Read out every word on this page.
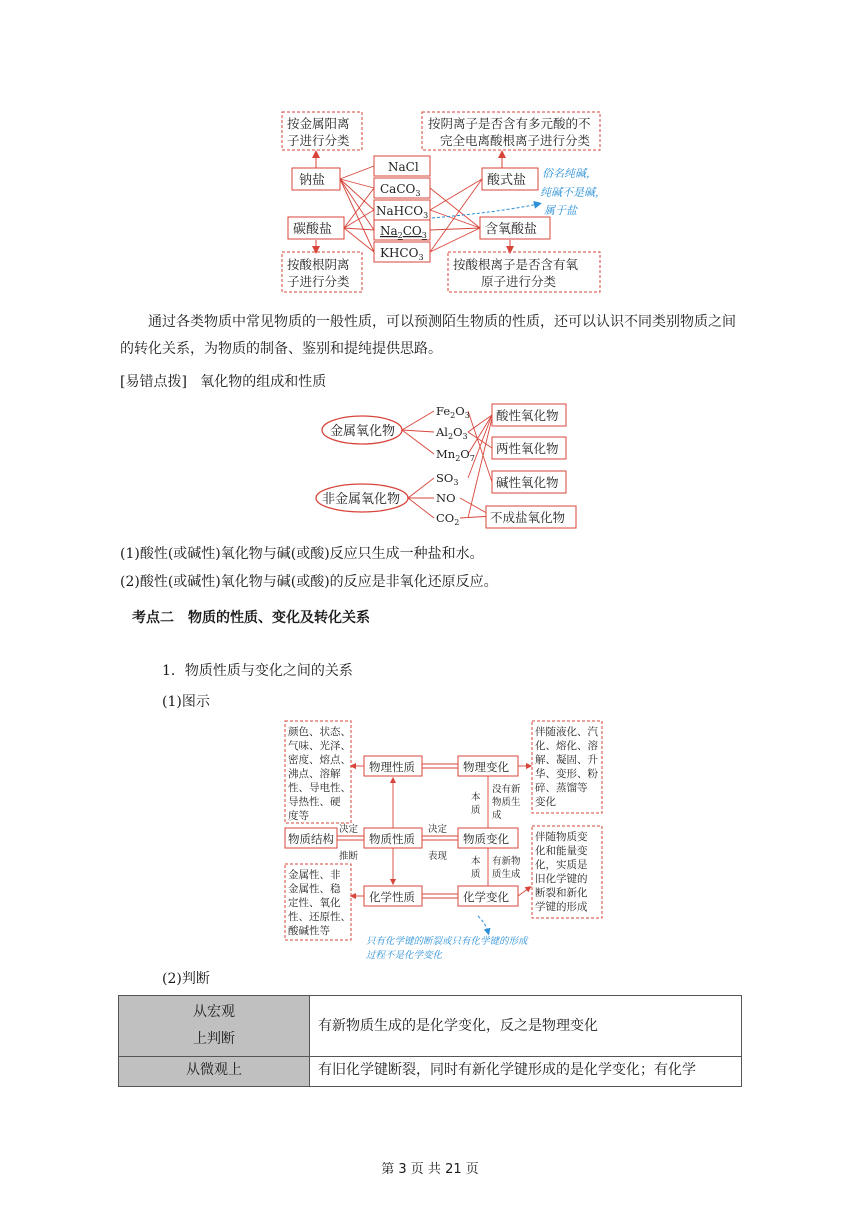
按金属阳离
子进行分类
按阴离子是否含有多元酸的不
完全电离酸根离子进行分类
按酸根阴离
子进行分类
按酸根离子是否含有氧
原子进行分类
钠盐
碳酸盐
酸式盐
含氧酸盐
NaCl
CaCO$_3$
NaHCO$_3$
$Na_2CO_3$
$KHCO_3$
俗名纯碱，
纯碱不是碱，
属于盐
通过各类物质中常见物质的一般性质，可以预测陌生物质的性质，还可以认识不同类别物质之间的转化关系，为物质的制备、鉴别和提纯提供思路。
[易错点拨] 氧化物的组成和性质
金属氧化物
非金属氧化物
$Fe_2O_3$
$Al_2O_3$
$Mn_2O_7$
$SO_3$
NO
$CO_2$
酸性氧化物
两性氧化物
碱性氧化物
不成盐氧化物
(1)酸性(或碱性)氧化物与碱(或酸)反应只生成一种盐和水。
(2)酸性(或碱性)氧化物与碱(或酸)的反应是非氧化还原反应。
考点二　物质的性质、变化及转化关系
1．物质性质与变化之间的关系
(1)图示
颜色、状态、
气味、光泽、
密度、熔点、
沸点、溶解
性、导电性、
导热性、硬
度等
金属性、非
金属性、稳
定性、氧化
性、还原性、
酸碱性等
伴随液化、汽
化、熔化、溶
解、凝固、升
华、变形、粉
碎、蒸馏等
变化
伴随物质变
化和能量变
化，实质是
旧化学键的
断裂和新化
学键的形成
物理性质	物理变化
物质结构	物质性质	物质变化
化学性质	化学变化
决定
推断
决定
表现
本
质
没有新
物质生
成
本
质
有新物
质生成
只有化学键的断裂或只有化学键的形成
过程不是化学变化
(2)判断
从宏观
上判断	有新物质生成的是化学变化，反之是物理变化

从微观上	有旧化学键断裂，同时有新化学键形成的是化学变化；有化学
第 3 页 共 21 页
